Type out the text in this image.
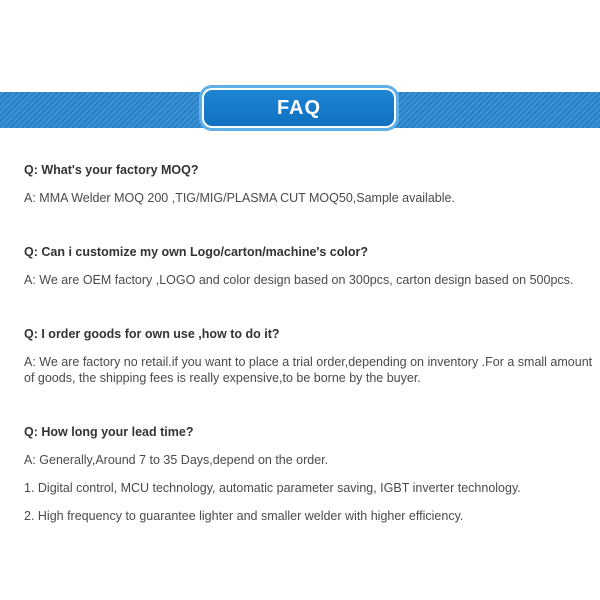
FAQ

Q: What's your factory MOQ?

A: MMA Welder MOQ 200 ,TIG/MIG/PLASMA CUT MOQ50,Sample available.

Q: Can i customize my own Logo/carton/machine's color?

A: We are OEM factory ,LOGO and color design based on 300pcs, carton design based on 500pcs.

Q: I order goods for own use ,how to do it?

A: We are factory no retail.if you want to place a trial order,depending on inventory .For a small amount of goods, the shipping fees is really expensive,to be borne by the buyer.

Q: How long your lead time?

A: Generally,Around 7 to 35 Days,depend on the order.

1. Digital control, MCU technology, automatic parameter saving, IGBT inverter technology.

2. High frequency to guarantee lighter and smaller welder with higher efficiency.
